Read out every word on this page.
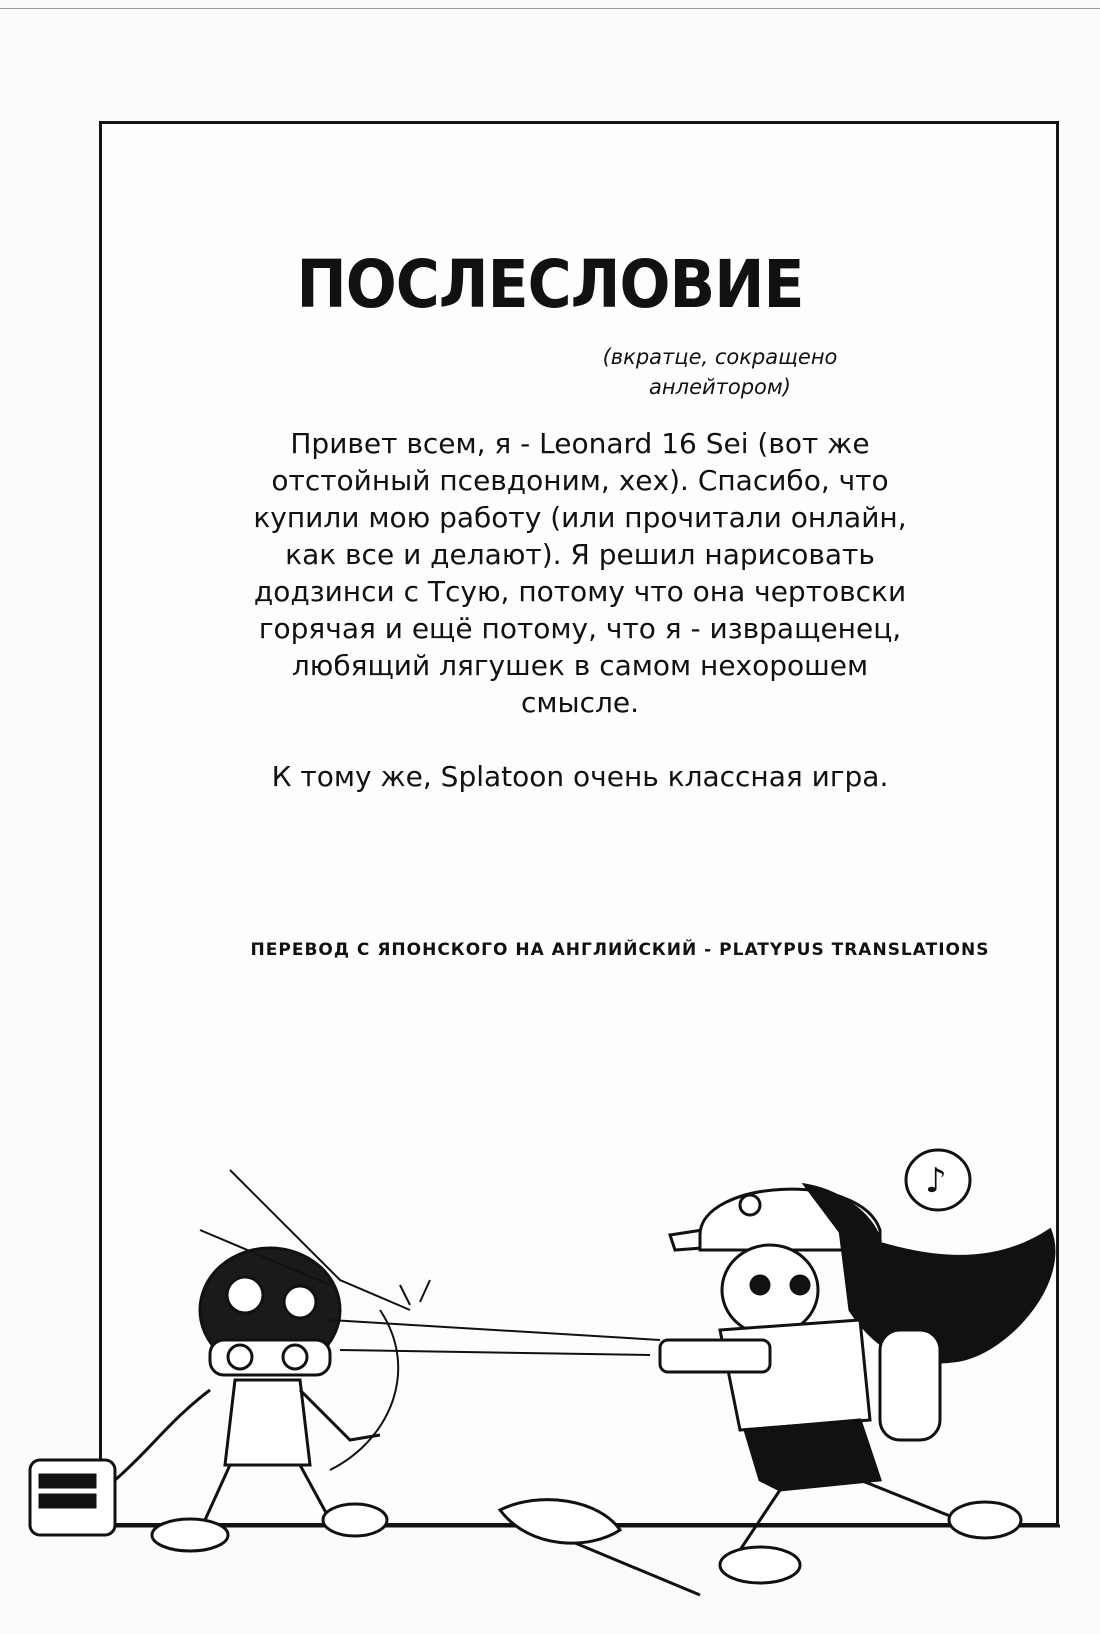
ПОСЛЕСЛОВИЕ
(вкратце, сокращено
анлейтором)

Привет всем, я - Leonard 16 Sei (вот же отстойный псевдоним, хех). Спасибо, что купили мою работу (или прочитали онлайн, как все и делают). Я решил нарисовать додзинси с Тсую, потому что она чертовски горячая и ещё потому, что я - извращенец, любящий лягушек в самом нехорошем смысле.

К тому же, Splatoon очень классная игра.

ПЕРЕВОД С ЯПОНСКОГО НА АНГЛИЙСКИЙ - PLATYPUS TRANSLATIONS
♪
